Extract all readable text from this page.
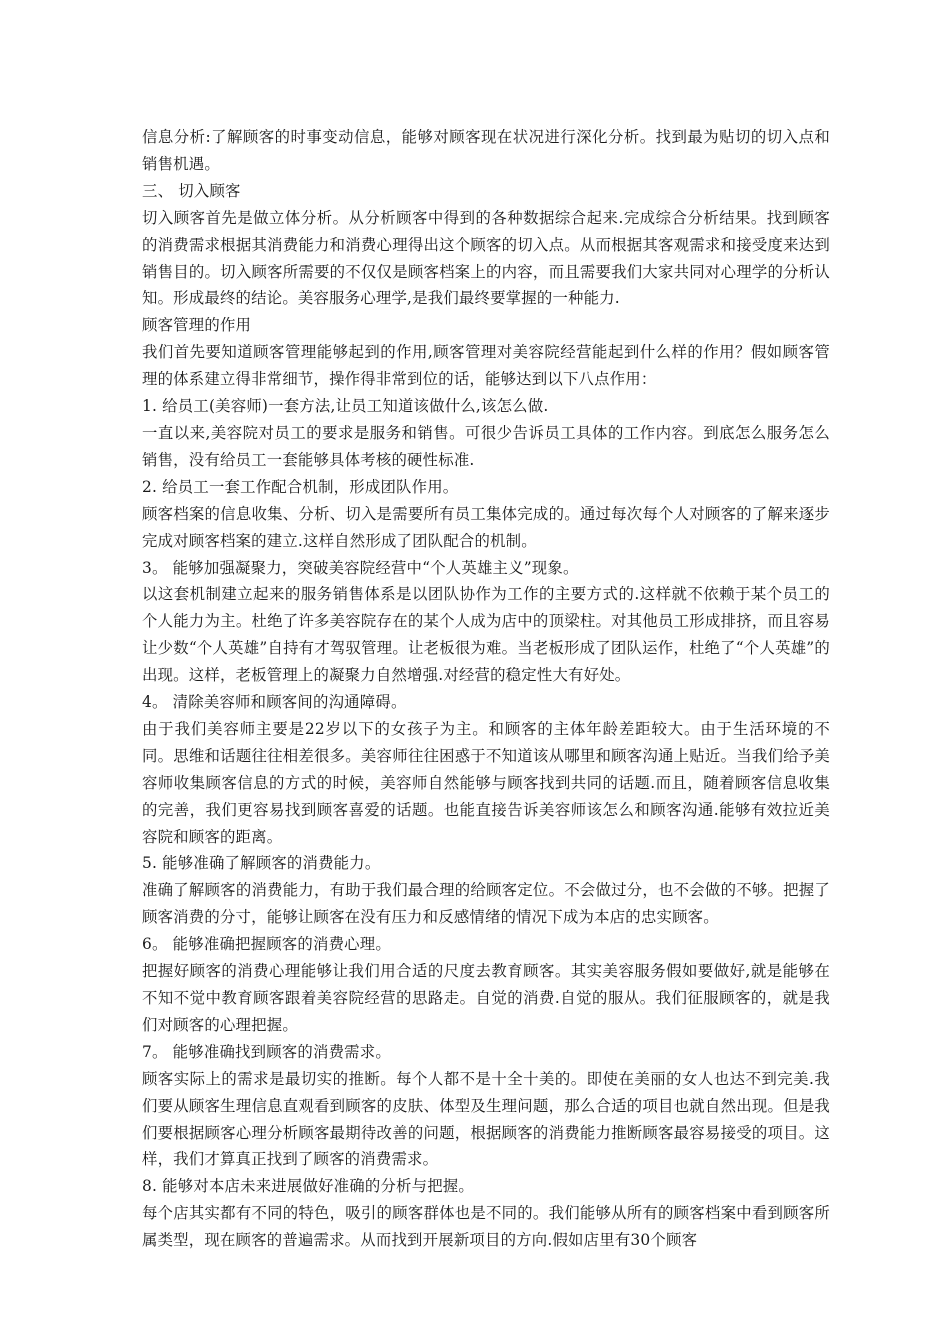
信息分析:了解顾客的时事变动信息，能够对顾客现在状况进行深化分析。找到最为贴切的切入点和销售机遇。

三、 切入顾客

切入顾客首先是做立体分析。从分析顾客中得到的各种数据综合起来.完成综合分析结果。找到顾客的消费需求根据其消费能力和消费心理得出这个顾客的切入点。从而根据其客观需求和接受度来达到销售目的。切入顾客所需要的不仅仅是顾客档案上的内容，而且需要我们大家共同对心理学的分析认知。形成最终的结论。美容服务心理学,是我们最终要掌握的一种能力.

顾客管理的作用

我们首先要知道顾客管理能够起到的作用,顾客管理对美容院经营能起到什么样的作用？假如顾客管理的体系建立得非常细节，操作得非常到位的话，能够达到以下八点作用：

1. 给员工(美容师)一套方法,让员工知道该做什么,该怎么做.

一直以来,美容院对员工的要求是服务和销售。可很少告诉员工具体的工作内容。到底怎么服务怎么销售，没有给员工一套能够具体考核的硬性标准.

2. 给员工一套工作配合机制，形成团队作用。

顾客档案的信息收集、分析、切入是需要所有员工集体完成的。通过每次每个人对顾客的了解来逐步完成对顾客档案的建立.这样自然形成了团队配合的机制。

3。 能够加强凝聚力，突破美容院经营中“个人英雄主义”现象。

以这套机制建立起来的服务销售体系是以团队协作为工作的主要方式的.这样就不依赖于某个员工的个人能力为主。杜绝了许多美容院存在的某个人成为店中的顶梁柱。对其他员工形成排挤，而且容易让少数“个人英雄”自持有才驾驭管理。让老板很为难。当老板形成了团队运作，杜绝了“个人英雄”的出现。这样，老板管理上的凝聚力自然增强.对经营的稳定性大有好处。

4。 清除美容师和顾客间的沟通障碍。

由于我们美容师主要是22岁以下的女孩子为主。和顾客的主体年龄差距较大。由于生活环境的不同。思维和话题往往相差很多。美容师往往困惑于不知道该从哪里和顾客沟通上贴近。当我们给予美容师收集顾客信息的方式的时候，美容师自然能够与顾客找到共同的话题.而且，随着顾客信息收集的完善，我们更容易找到顾客喜爱的话题。也能直接告诉美容师该怎么和顾客沟通.能够有效拉近美容院和顾客的距离。

5. 能够准确了解顾客的消费能力。

准确了解顾客的消费能力，有助于我们最合理的给顾客定位。不会做过分，也不会做的不够。把握了顾客消费的分寸，能够让顾客在没有压力和反感情绪的情况下成为本店的忠实顾客。

6。 能够准确把握顾客的消费心理。

把握好顾客的消费心理能够让我们用合适的尺度去教育顾客。其实美容服务假如要做好,就是能够在不知不觉中教育顾客跟着美容院经营的思路走。自觉的消费.自觉的服从。我们征服顾客的，就是我们对顾客的心理把握。

7。 能够准确找到顾客的消费需求。

顾客实际上的需求是最切实的推断。每个人都不是十全十美的。即使在美丽的女人也达不到完美.我们要从顾客生理信息直观看到顾客的皮肤、体型及生理问题，那么合适的项目也就自然出现。但是我们要根据顾客心理分析顾客最期待改善的问题，根据顾客的消费能力推断顾客最容易接受的项目。这样，我们才算真正找到了顾客的消费需求。

8. 能够对本店未来进展做好准确的分析与把握。

每个店其实都有不同的特色，吸引的顾客群体也是不同的。我们能够从所有的顾客档案中看到顾客所属类型，现在顾客的普遍需求。从而找到开展新项目的方向.假如店里有30个顾客
